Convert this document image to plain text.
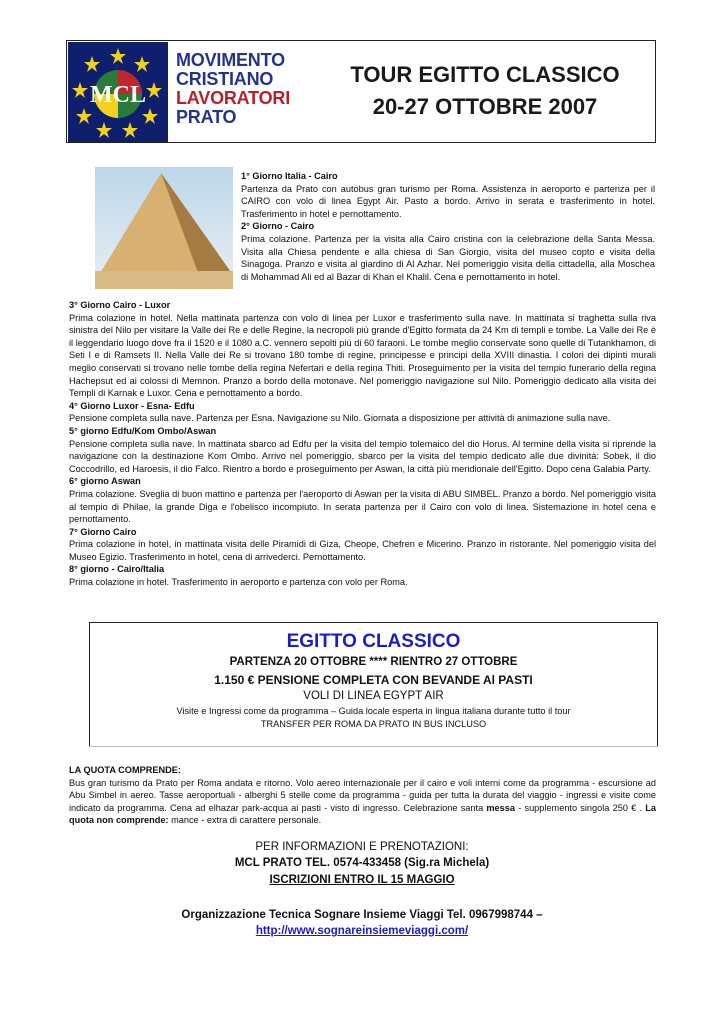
MCL
MOVIMENTO
CRISTIANO
LAVORATORI
PRATO
TOUR EGITTO CLASSICO
20-27 OTTOBRE 2007
1° Giorno Italia - Cairo
Partenza da Prato con autobus gran turismo per Roma. Assistenza in aeroporto e partenza per il CAIRO con volo di linea Egypt Air. Pasto a bordo. Arrivo in serata e trasferimento in hotel. Trasferimento in hotel e pernottamento.
2° Giorno - Cairo
Prima colazione. Partenza per la visita alla Cairo cristina con la celebrazione della Santa Messa. Visita alla Chiesa pendente e alla chiesa di San Giorgio, visita del museo copto e visita della Sinagoga. Pranzo e visita al giardino di Al Azhar. Nel pomeriggio visita della cittadella, alla Moschea di Mohammad Ali ed al Bazar di Khan el Khalil. Cena e pernottamento in hotel.
3° Giorno Cairo - Luxor
Prima colazione in hotel. Nella mattinata partenza con volo di linea per Luxor e trasferimento sulla nave. In mattinata si traghetta sulla riva sinistra del Nilo per visitare la Valle dei Re e delle Regine, la necropoli più grande d'Egitto formata da 24 Km di templi e tombe. La Valle dei Re è il leggendario luogo dove fra il 1520 e il 1080 a.C. vennero sepolti più di 60 faraoni. Le tombe meglio conservate sono quelle di Tutankhamon, di Seti I e di Ramsets II. Nella Valle dei Re si trovano 180 tombe di regine, principesse e principi della XVIII dinastia. I colori dei dipinti murali meglio conservati si trovano nelle tombe della regina Nefertari e della regina Thiti. Proseguimento per la visita del tempio funerario della regina Hachepsut ed ai colossi di Memnon. Pranzo a bordo della motonave. Nel pomeriggio navigazione sul Nilo. Pomeriggio dedicato alla visita dei Templi di Karnak e Luxor. Cena e pernottamento a bordo.
4° Giorno Luxor - Esna- Edfu
Pensione completa sulla nave. Partenza per Esna. Navigazione su Nilo. Giornata a disposizione per attività di animazione sulla nave.
5° giorno Edfu/Kom Ombo/Aswan
Pensione completa sulla nave. In mattinata sbarco ad Edfu per la visita del tempio tolemaico del dio Horus. Al termine della visita si riprende la navigazione con la destinazione Kom Ombo. Arrivo nel pomeriggio, sbarco per la visita del tempio dedicato alle due divinità: Sobek, il dio Coccodrillo, ed Haroesis, il dio Falco. Rientro a bordo e proseguimento per Aswan, la città più meridionale dell'Egitto. Dopo cena Galabia Party.
6° giorno Aswan
Prima colazione. Sveglia di buon mattino e partenza per l'aeroporto di Aswan per la visita di ABU SIMBEL. Pranzo a bordo. Nel pomeriggio visita al tempio di Philae, la grande Diga e l'obelisco incompiuto. In serata partenza per il Cairo con volo di linea. Sistemazione in hotel cena e pernottamento.
7° Giorno Cairo
Prima colazione in hotel, in mattinata visita delle Piramidi di Giza, Cheope, Chefren e Micerino. Pranzo in ristorante. Nel pomeriggio visita del Museo Egizio. Trasferimento in hotel, cena di arrivederci. Pernottamento.
8° giorno - Cairo/Italia
Prima colazione in hotel. Trasferimento in aeroporto e partenza con volo per Roma.
EGITTO CLASSICO
PARTENZA 20 OTTOBRE **** RIENTRO 27 OTTOBRE
1.150 € PENSIONE COMPLETA CON BEVANDE Al PASTI
VOLI DI LINEA EGYPT AIR
Visite e Ingressi come da programma – Guida locale esperta in lingua italiana durante tutto il tour
TRANSFER PER ROMA DA PRATO IN BUS INCLUSO
LA QUOTA COMPRENDE:
Bus gran turismo da Prato per Roma andata e ritorno. Volo aereo internazionale per il cairo e voli interni come da programma - escursione ad Abu Simbel in aereo. Tasse aeroportuali - alberghi 5 stelle come da programma - guida per tutta la durata del viaggio - ingressi e visite come indicato da programma. Cena ad elhazar park-acqua ai pasti - visto di ingresso. Celebrazione santa messa - supplemento singola 250 € . La quota non comprende: mance - extra di carattere personale.
PER INFORMAZIONI E PRENOTAZIONI:
MCL PRATO TEL. 0574-433458 (Sig.ra Michela)
ISCRIZIONI ENTRO IL 15 MAGGIO
Organizzazione Tecnica Sognare Insieme Viaggi Tel. 0967998744 –
http://www.sognareinsiemeviaggi.com/
